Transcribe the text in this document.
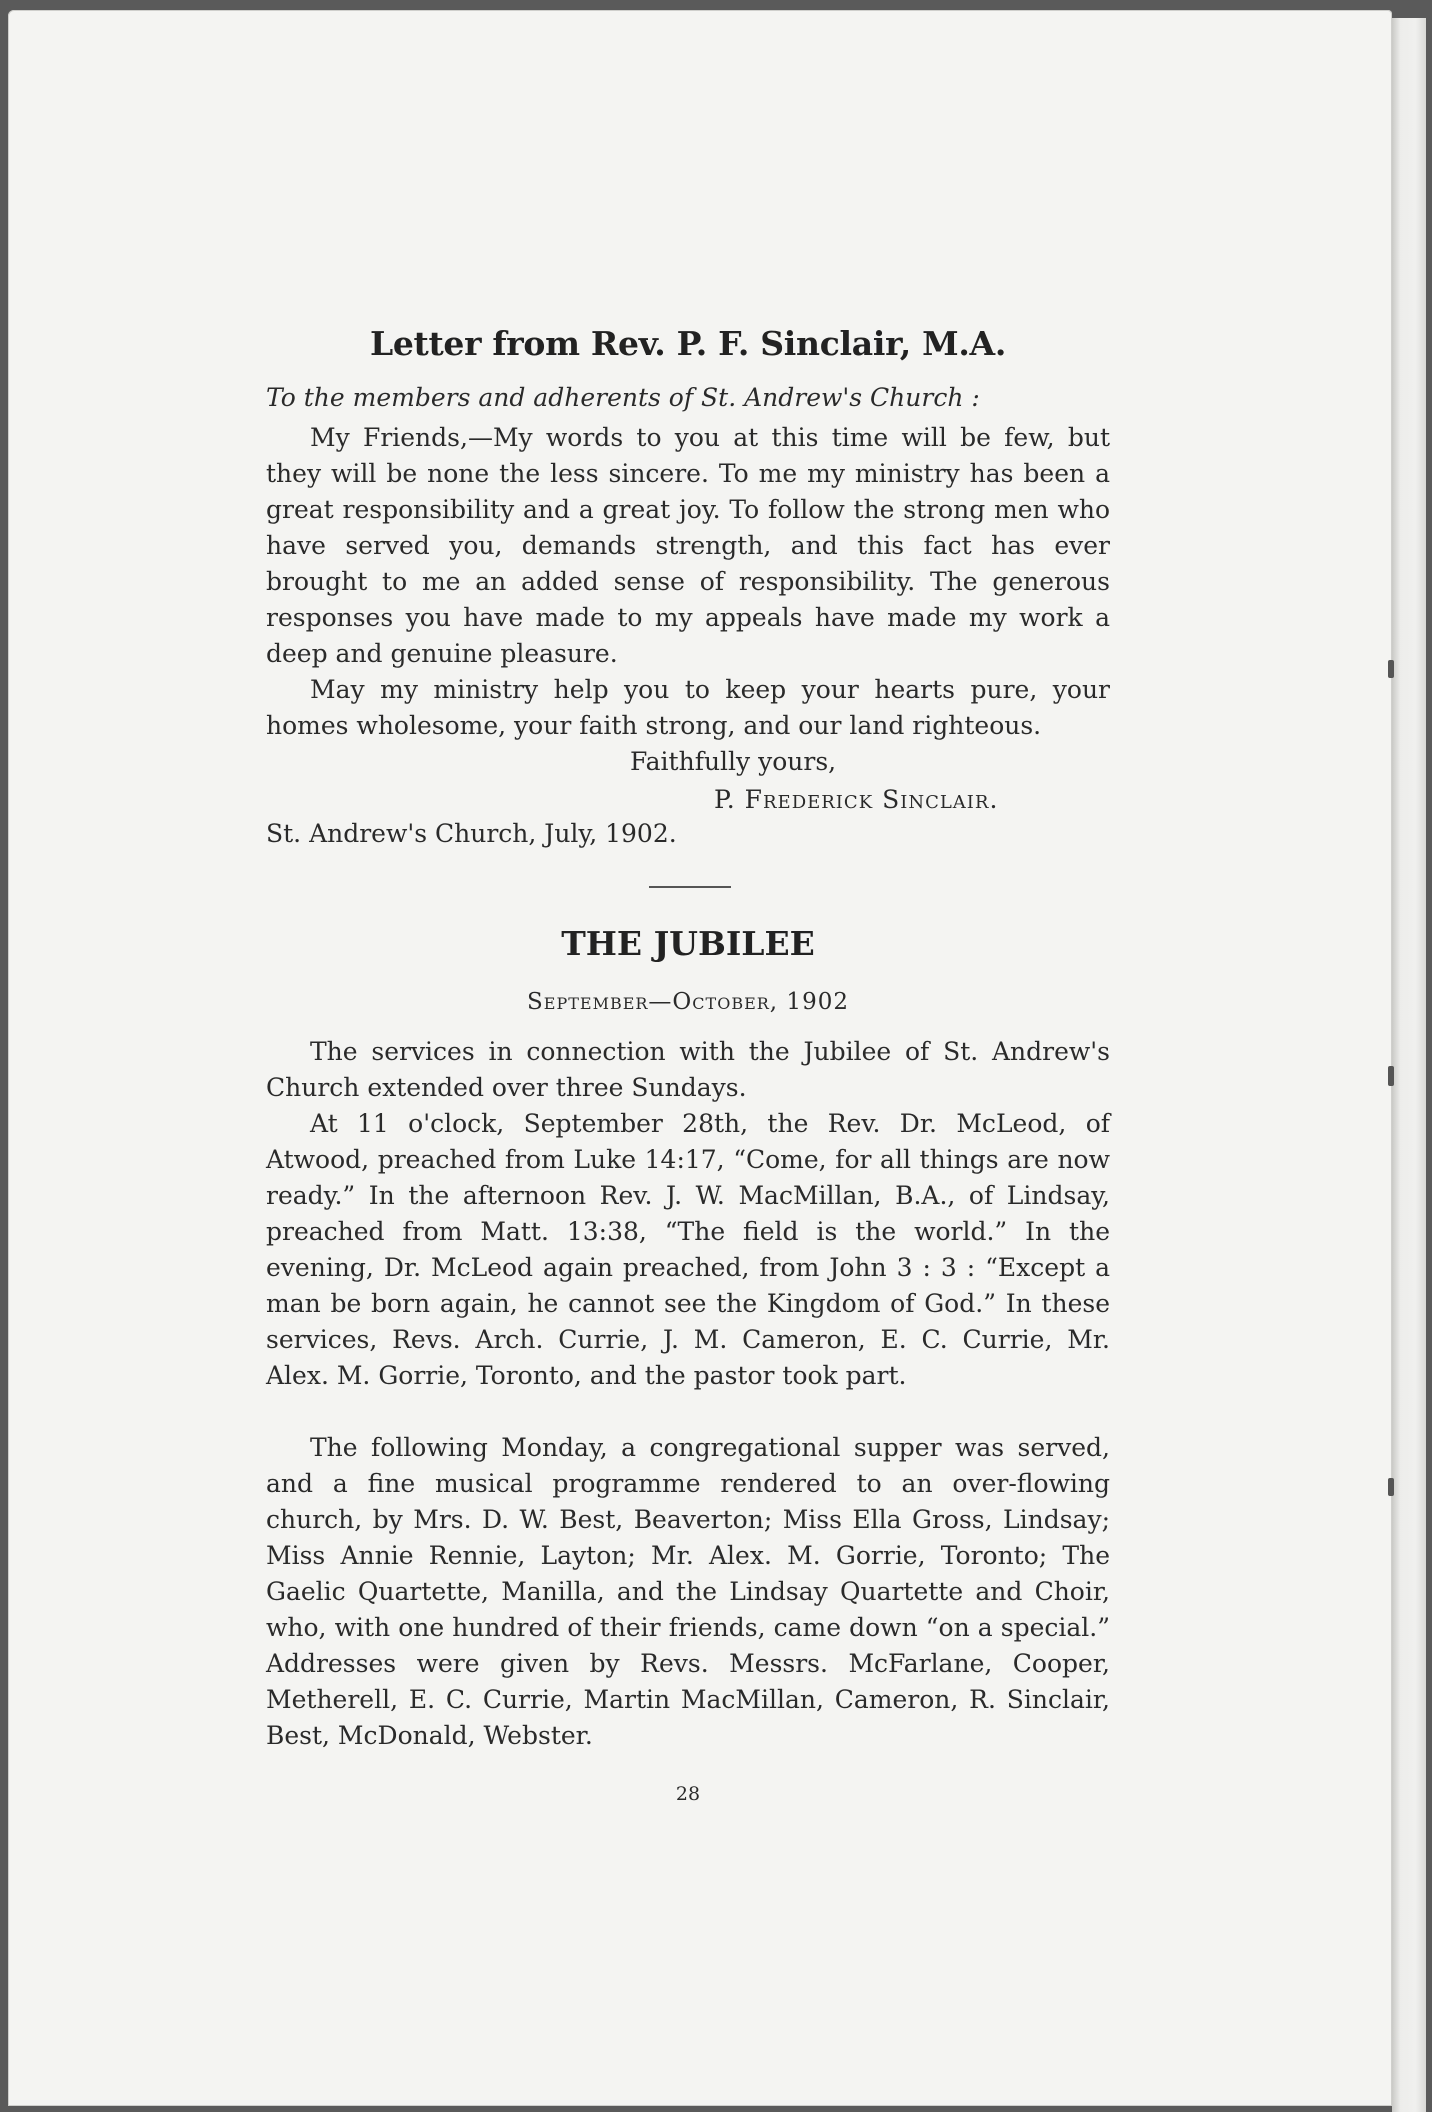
Letter from Rev. P. F. Sinclair, M.A.

To the members and adherents of St. Andrew's Church :

My Friends,—My words to you at this time will be few, but they will be none the less sincere. To me my ministry has been a great responsibility and a great joy. To follow the strong men who have served you, demands strength, and this fact has ever brought to me an added sense of responsibility. The generous responses you have made to my appeals have made my work a deep and genuine pleasure.

May my ministry help you to keep your hearts pure, your homes wholesome, your faith strong, and our land righteous.

Faithfully yours,

P. Frederick Sinclair.

St. Andrew's Church, July, 1902.

THE JUBILEE

September—October, 1902

The services in connection with the Jubilee of St. Andrew's Church extended over three Sundays.

At 11 o'clock, September 28th, the Rev. Dr. McLeod, of Atwood, preached from Luke 14:17, “Come, for all things are now ready.” In the afternoon Rev. J. W. MacMillan, B.A., of Lindsay, preached from Matt. 13:38, “The field is the world.” In the evening, Dr. McLeod again preached, from John 3 : 3 : “Except a man be born again, he cannot see the Kingdom of God.” In these services, Revs. Arch. Currie, J. M. Cameron, E. C. Currie, Mr. Alex. M. Gorrie, Toronto, and the pastor took part.

The following Monday, a congregational supper was served, and a fine musical programme rendered to an over-flowing church, by Mrs. D. W. Best, Beaverton; Miss Ella Gross, Lindsay; Miss Annie Rennie, Layton; Mr. Alex. M. Gorrie, Toronto; The Gaelic Quartette, Manilla, and the Lindsay Quartette and Choir, who, with one hundred of their friends, came down “on a special.” Addresses were given by Revs. Messrs. McFarlane, Cooper, Metherell, E. C. Currie, Martin MacMillan, Cameron, R. Sinclair, Best, McDonald, Webster.

28
